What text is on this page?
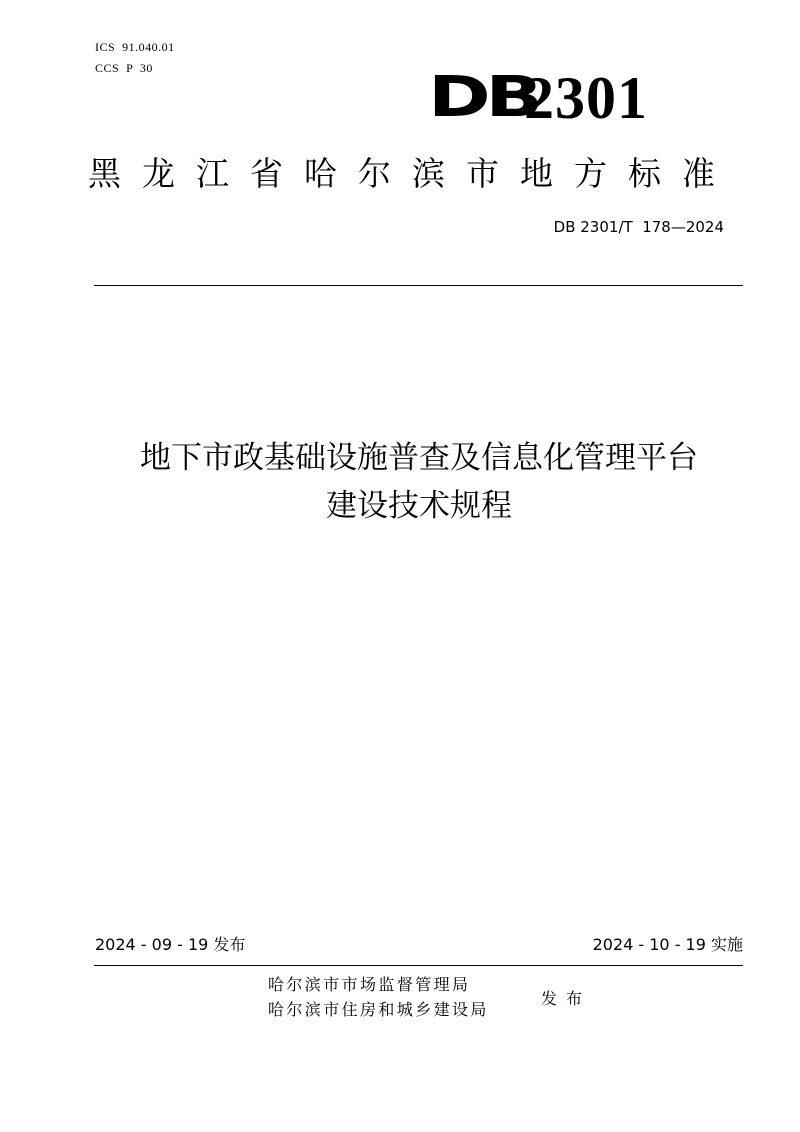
ICS  91.040.01
CCS  P  30	DB
2301
黑龙江省哈尔滨市地方标准
DB 2301/T  178—2024
地下市政基础设施普查及信息化管理平台
建设技术规程
2024 - 09 - 19 发布	2024 - 10 - 19 实施
哈尔滨市市场监督管理局
哈尔滨市住房和城乡建设局
发布
